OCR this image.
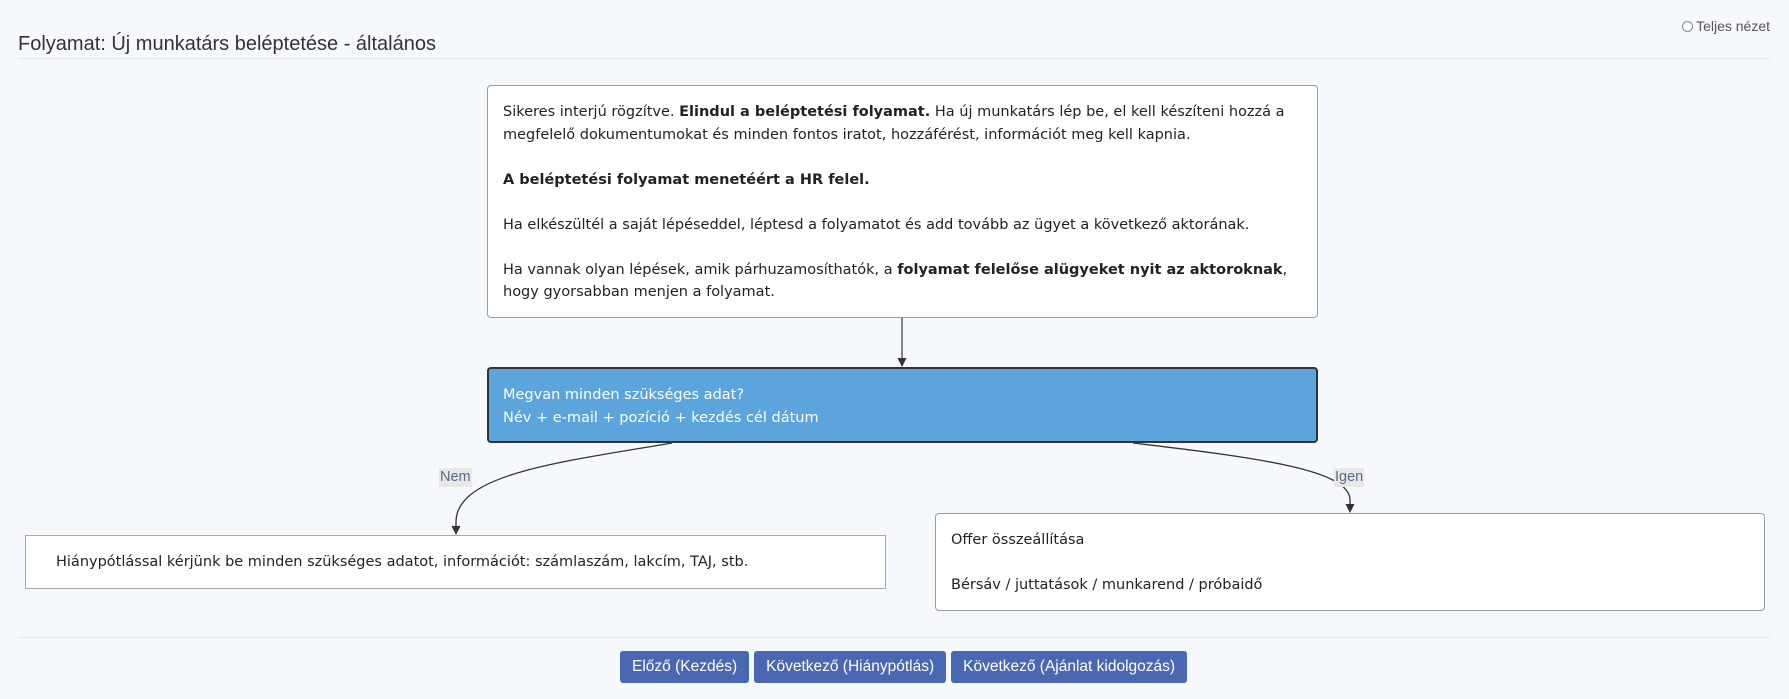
Folyamat: Új munkatárs beléptetése - általános
Teljes nézet

Sikeres interjú rögzítve. Elindul a beléptetési folyamat. Ha új munkatárs lép be, el kell készíteni hozzá a megfelelő dokumentumokat és minden fontos iratot, hozzáférést, információt meg kell kapnia.

A beléptetési folyamat menetéért a HR felel.

Ha elkészültél a saját lépéseddel, léptesd a folyamatot és add tovább az ügyet a következő aktorának.

Ha vannak olyan lépések, amik párhuzamosíthatók, a folyamat felelőse alügyeket nyit az aktoroknak, hogy gyorsabban menjen a folyamat.

Megvan minden szükséges adat?

Név + e-mail + pozíció + kezdés cél dátum

Nem	Igen

Hiánypótlással kérjünk be minden szükséges adatot, információt: számlaszám, lakcím, TAJ, stb.

Offer összeállítása

Bérsáv / juttatások / munkarend / próbaidő

Előző (Kezdés)	Következő (Hiánypótlás)	Következő (Ajánlat kidolgozás)
